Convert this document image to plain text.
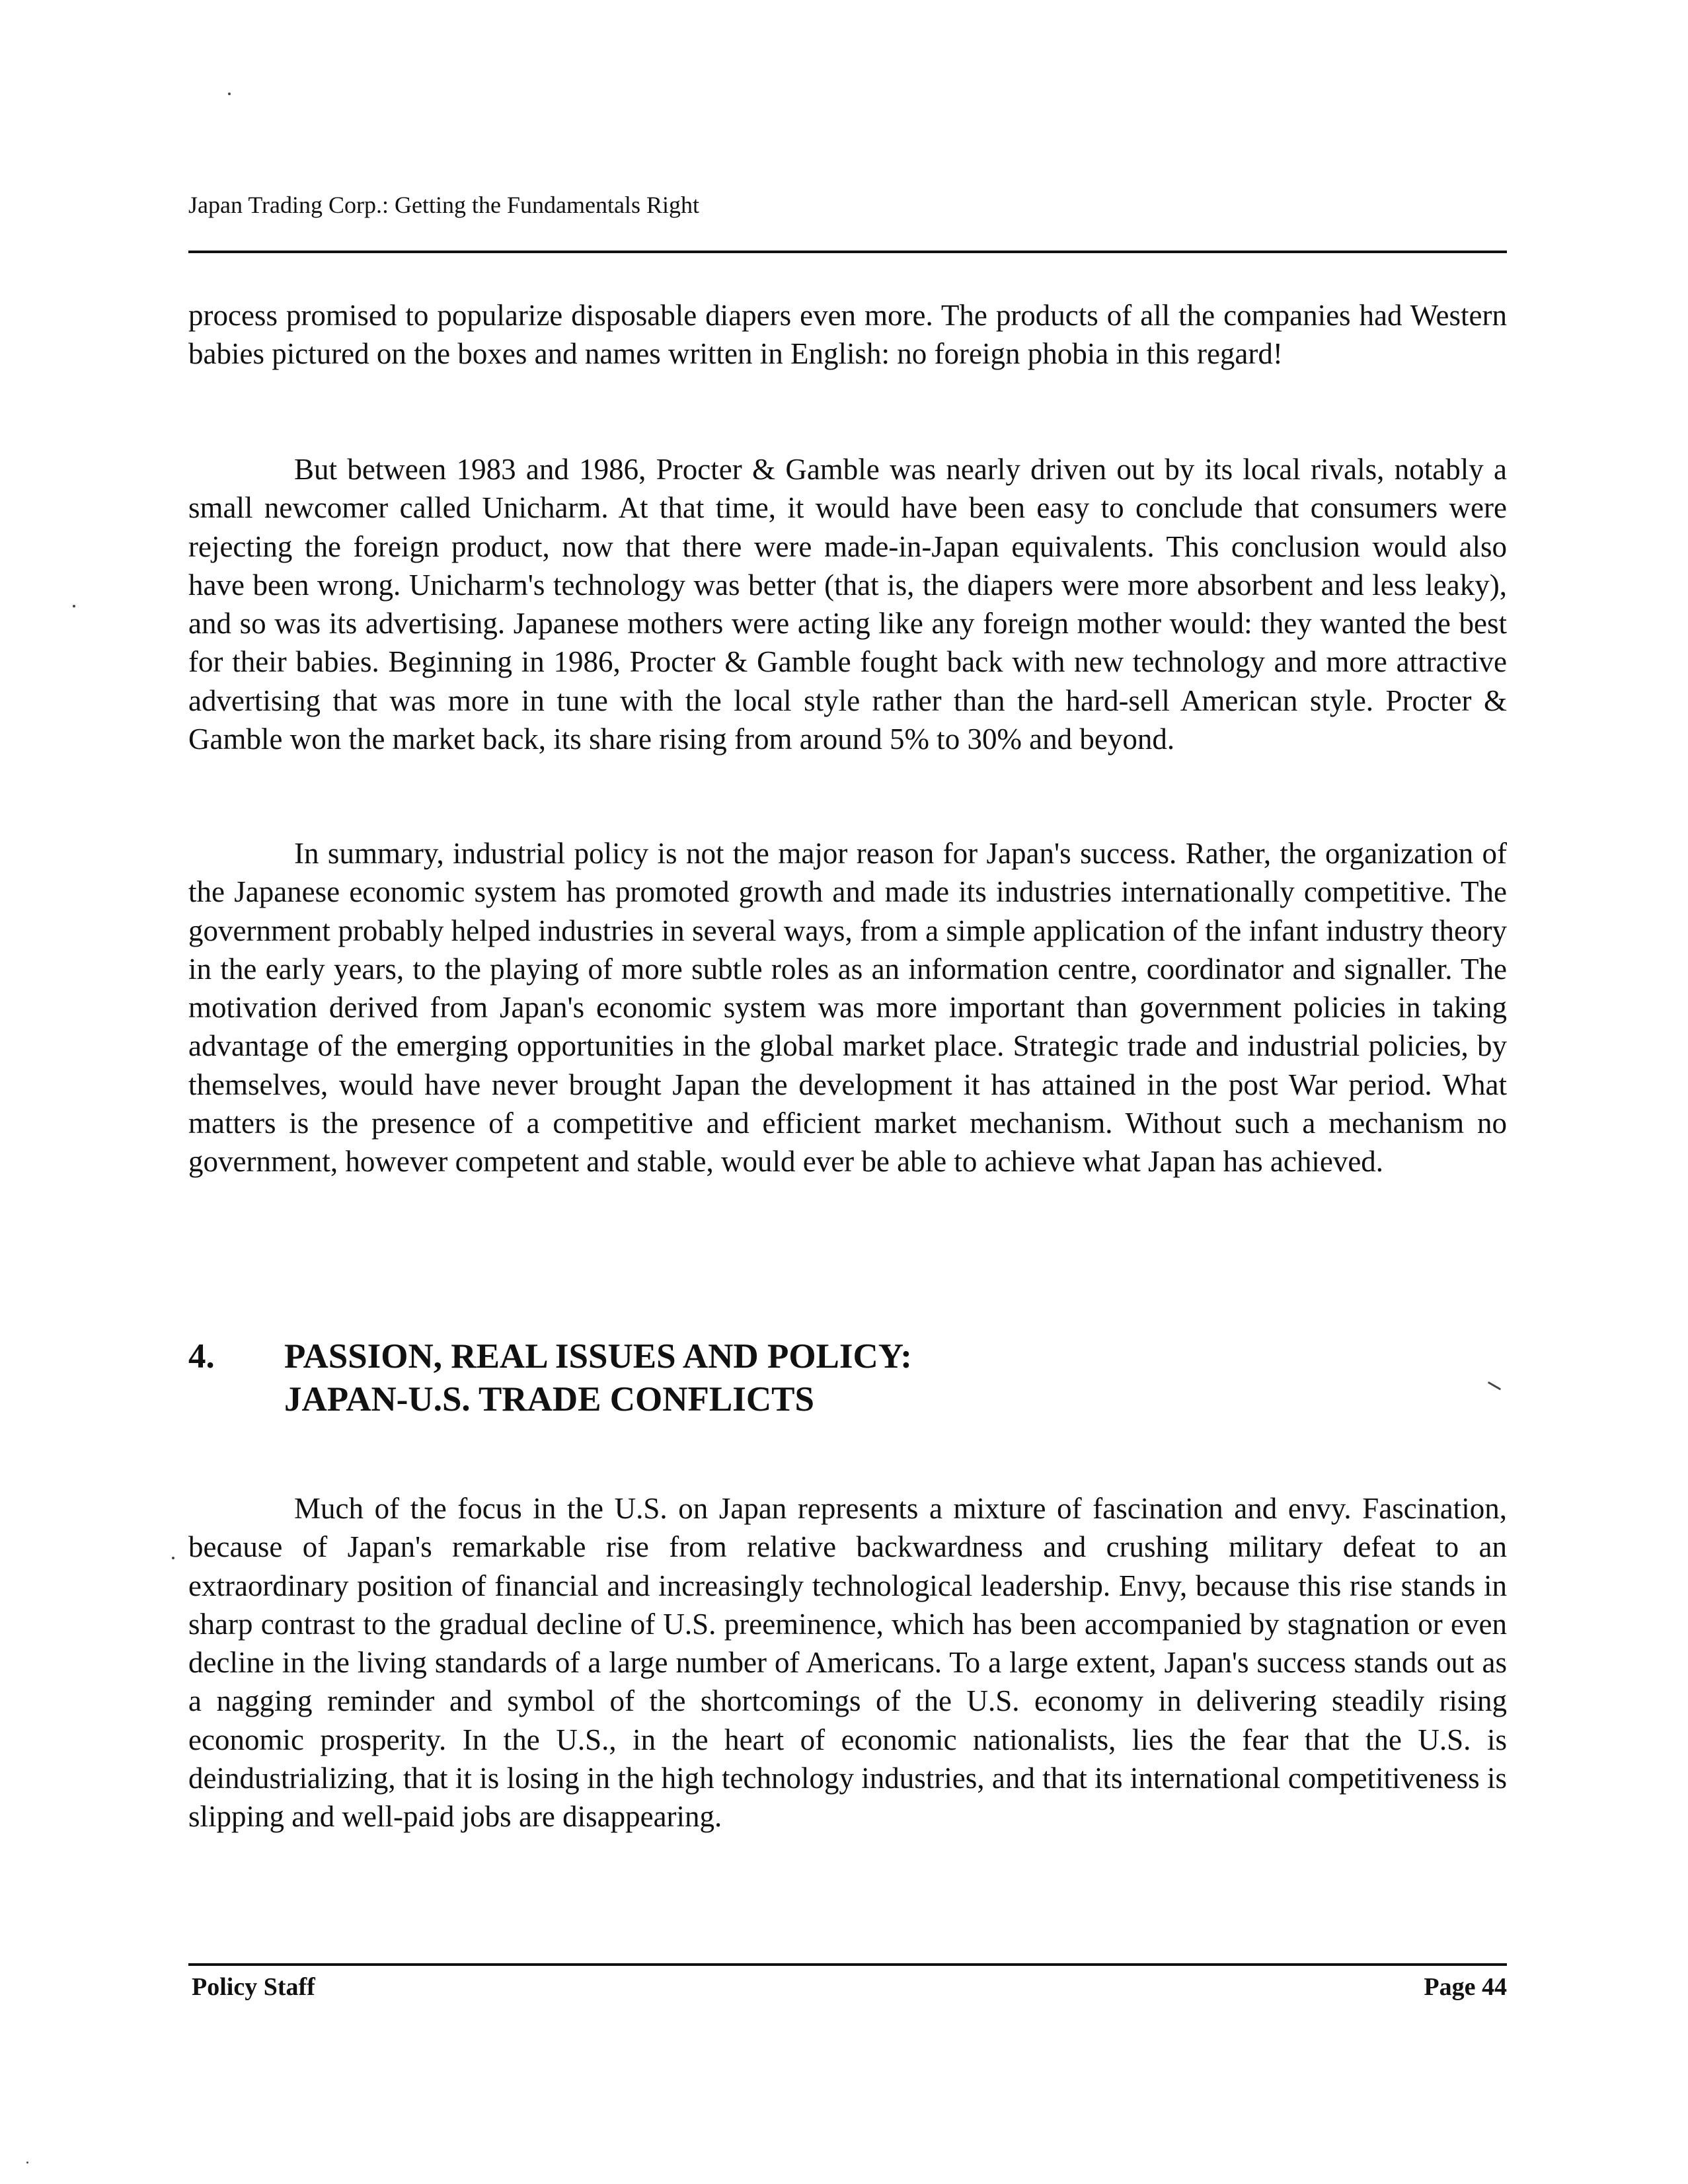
Japan Trading Corp.: Getting the Fundamentals Right

process promised to popularize disposable diapers even more. The products of all the companies had Western babies pictured on the boxes and names written in English: no foreign phobia in this regard!

But between 1983 and 1986, Procter & Gamble was nearly driven out by its local rivals, notably a small newcomer called Unicharm. At that time, it would have been easy to conclude that consumers were rejecting the foreign product, now that there were made-in-Japan equivalents. This conclusion would also have been wrong. Unicharm's technology was better (that is, the diapers were more absorbent and less leaky), and so was its advertising. Japanese mothers were acting like any foreign mother would: they wanted the best for their babies. Beginning in 1986, Procter & Gamble fought back with new technology and more attractive advertising that was more in tune with the local style rather than the hard-sell American style. Procter & Gamble won the market back, its share rising from around 5% to 30% and beyond.

In summary, industrial policy is not the major reason for Japan's success. Rather, the organization of the Japanese economic system has promoted growth and made its industries internationally competitive. The government probably helped industries in several ways, from a simple application of the infant industry theory in the early years, to the playing of more subtle roles as an information centre, coordinator and signaller. The motivation derived from Japan's economic system was more important than government policies in taking advantage of the emerging opportunities in the global market place. Strategic trade and industrial policies, by themselves, would have never brought Japan the development it has attained in the post War period. What matters is the presence of a competitive and efficient market mechanism. Without such a mechanism no government, however competent and stable, would ever be able to achieve what Japan has achieved.

4. PASSION, REAL ISSUES AND POLICY:
JAPAN-U.S. TRADE CONFLICTS

Much of the focus in the U.S. on Japan represents a mixture of fascination and envy. Fascination, because of Japan's remarkable rise from relative backwardness and crushing military defeat to an extraordinary position of financial and increasingly technological leadership. Envy, because this rise stands in sharp contrast to the gradual decline of U.S. preeminence, which has been accompanied by stagnation or even decline in the living standards of a large number of Americans. To a large extent, Japan's success stands out as a nagging reminder and symbol of the shortcomings of the U.S. economy in delivering steadily rising economic prosperity. In the U.S., in the heart of economic nationalists, lies the fear that the U.S. is deindustrializing, that it is losing in the high technology industries, and that its international competitiveness is slipping and well-paid jobs are disappearing.

Policy Staff	Page 44
